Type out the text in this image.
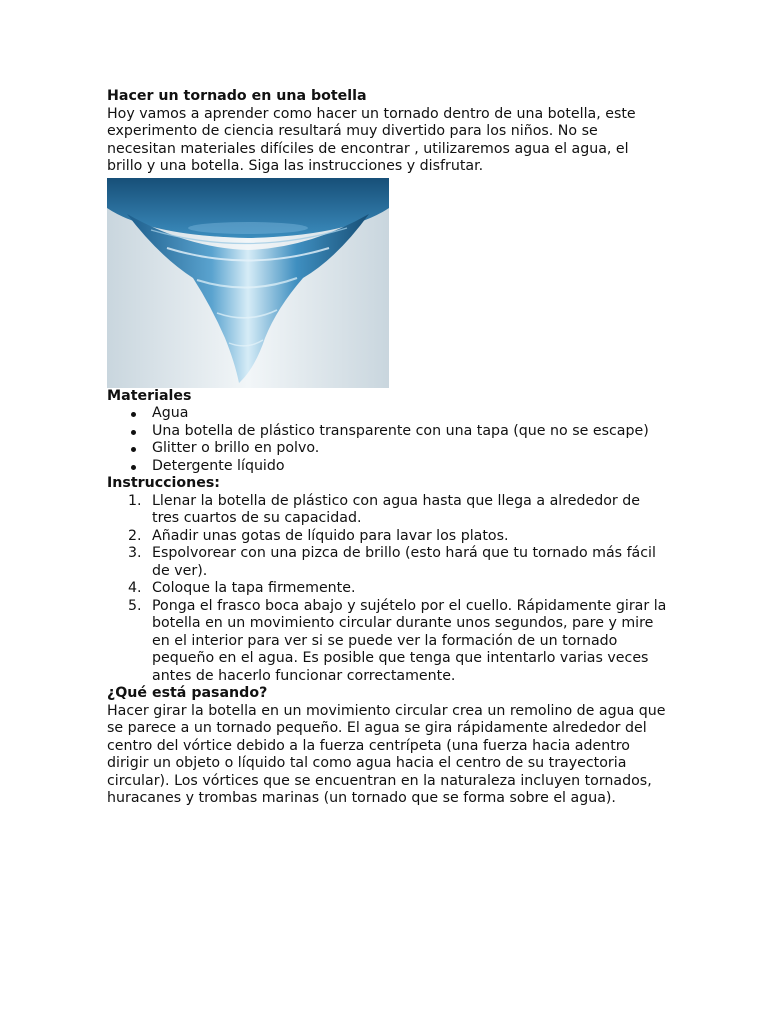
Hacer un tornado en una botella

Hoy vamos a aprender como hacer un tornado dentro de una botella, este experimento de ciencia resultará muy divertido para los niños. No se necesitan materiales difíciles de encontrar , utilizaremos agua el agua, el brillo y una botella. Siga las instrucciones y disfrutar.

Materiales
Agua
Una botella de plástico transparente con una tapa (que no se escape)
Glitter o brillo en polvo.
Detergente líquido
Instrucciones:
1. Llenar la botella de plástico con agua hasta que llega a alrededor de tres cuartos de su capacidad.
2. Añadir unas gotas de líquido para lavar los platos.
3. Espolvorear con una pizca de brillo (esto hará que tu tornado más fácil de ver).
4. Coloque la tapa firmemente.
5. Ponga el frasco boca abajo y sujételo por el cuello. Rápidamente girar la botella en un movimiento circular durante unos segundos, pare y mire en el interior para ver si se puede ver la formación de un tornado pequeño en el agua. Es posible que tenga que intentarlo varias veces antes de hacerlo funcionar correctamente.
¿Qué está pasando?

Hacer girar la botella en un movimiento circular crea un remolino de agua que se parece a un tornado pequeño. El agua se gira rápidamente alrededor del centro del vórtice debido a la fuerza centrípeta (una fuerza hacia adentro dirigir un objeto o líquido tal como agua hacia el centro de su trayectoria circular). Los vórtices que se encuentran en la naturaleza incluyen tornados, huracanes y trombas marinas (un tornado que se forma sobre el agua).
